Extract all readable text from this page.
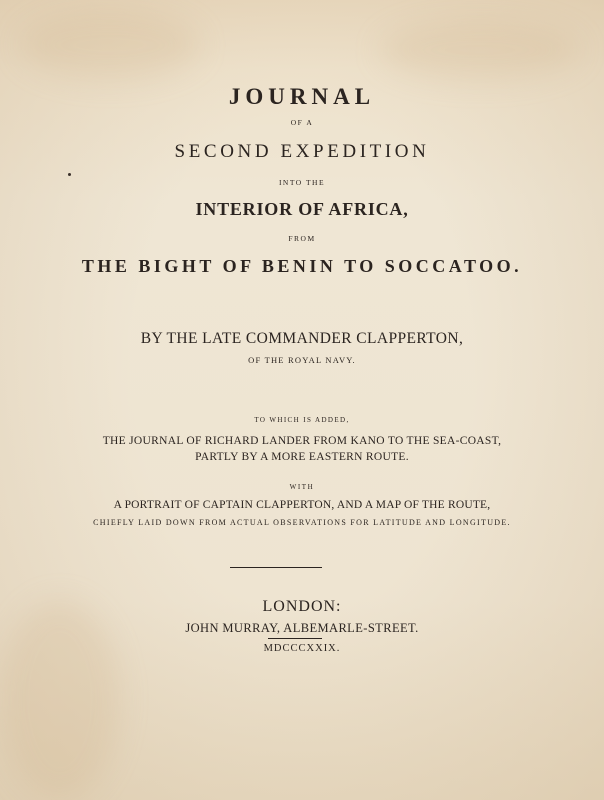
JOURNAL
OF A
SECOND EXPEDITION
INTO THE
INTERIOR OF AFRICA,
FROM
THE BIGHT OF BENIN TO SOCCATOO.
BY THE LATE COMMANDER CLAPPERTON,
OF THE ROYAL NAVY.
TO WHICH IS ADDED,
THE JOURNAL OF RICHARD LANDER FROM KANO TO THE SEA-COAST,
PARTLY BY A MORE EASTERN ROUTE.
WITH
A PORTRAIT OF CAPTAIN CLAPPERTON, AND A MAP OF THE ROUTE,
CHIEFLY LAID DOWN FROM ACTUAL OBSERVATIONS FOR LATITUDE AND LONGITUDE.
LONDON:
JOHN MURRAY, ALBEMARLE-STREET.
MDCCCXXIX.
